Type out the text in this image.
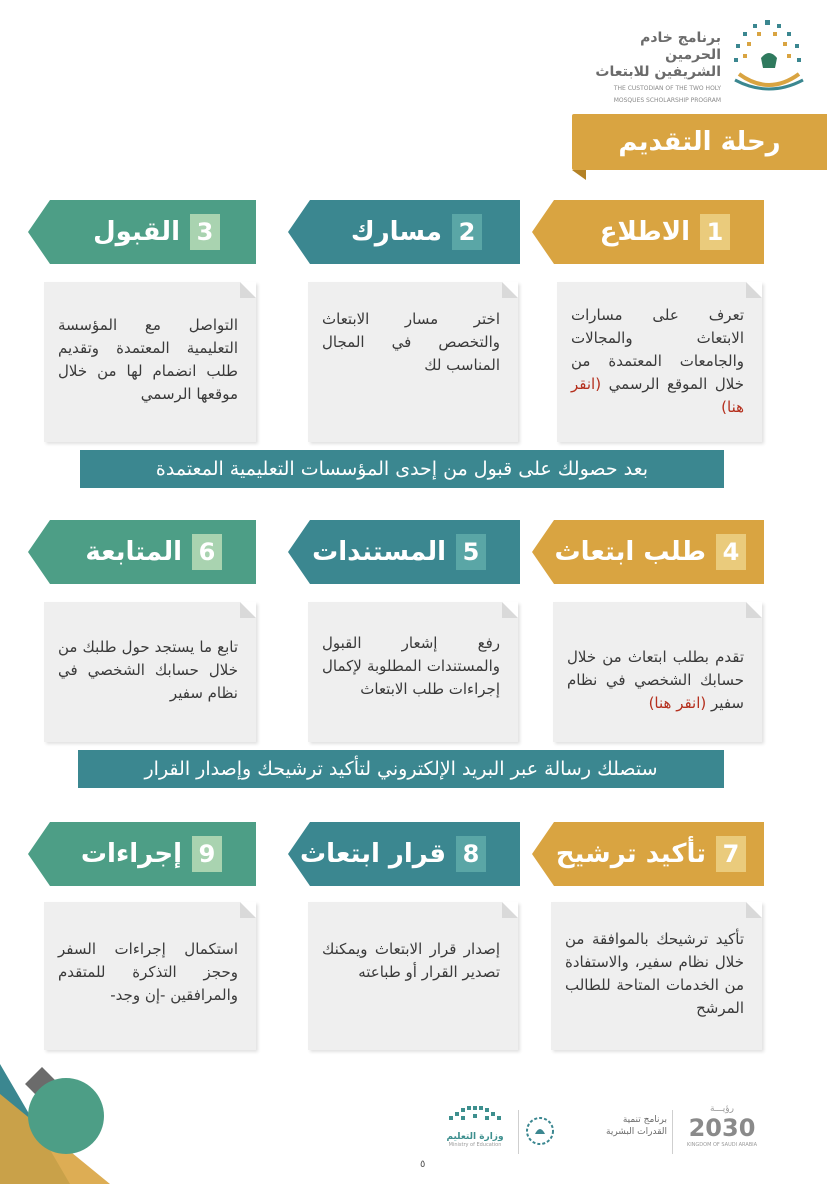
برنامج خادم الحرمين
الشريفين للابتعاث
THE CUSTODIAN OF THE TWO HOLY
MOSQUES SCHOLARSHIP PROGRAM
رحلة التقديم
1
الاطلاع
2
مسارك
3
القبول
تعرف على مسارات الابتعاث والمجالات والجامعات المعتمدة من خلال الموقع الرسمي (انقر هنا)
اختر مسار الابتعاث والتخصص في المجال المناسب لك
التواصل مع المؤسسة التعليمية المعتمدة وتقديم طلب انضمام لها من خلال موقعها الرسمي
بعد حصولك على قبول من إحدى المؤسسات التعليمية المعتمدة
4
طلب ابتعاث
5
المستندات
6
المتابعة
تقدم بطلب ابتعاث من خلال حسابك الشخصي في نظام سفير (انقر هنا)
رفع إشعار القبول والمستندات المطلوبة لإكمال إجراءات طلب الابتعاث
تابع ما يستجد حول طلبك من خلال حسابك الشخصي في نظام سفير
ستصلك رسالة عبر البريد الإلكتروني لتأكيد ترشيحك وإصدار القرار
7
تأكيد ترشيح
8
قرار ابتعاث
9
إجراءات
تأكيد ترشيحك بالموافقة من خلال نظام سفير، والاستفادة من الخدمات المتاحة للطالب المرشح
إصدار قرار الابتعاث ويمكنك تصدير القرار أو طباعته
استكمال إجراءات السفر وحجز التذكرة للمتقدم والمرافقين -إن وجد-
رؤيـــة
2030
KINGDOM OF SAUDI ARABIA
برنامج تنمية
القدرات البشرية
وزارة التعليم
Ministry of Education
٥
